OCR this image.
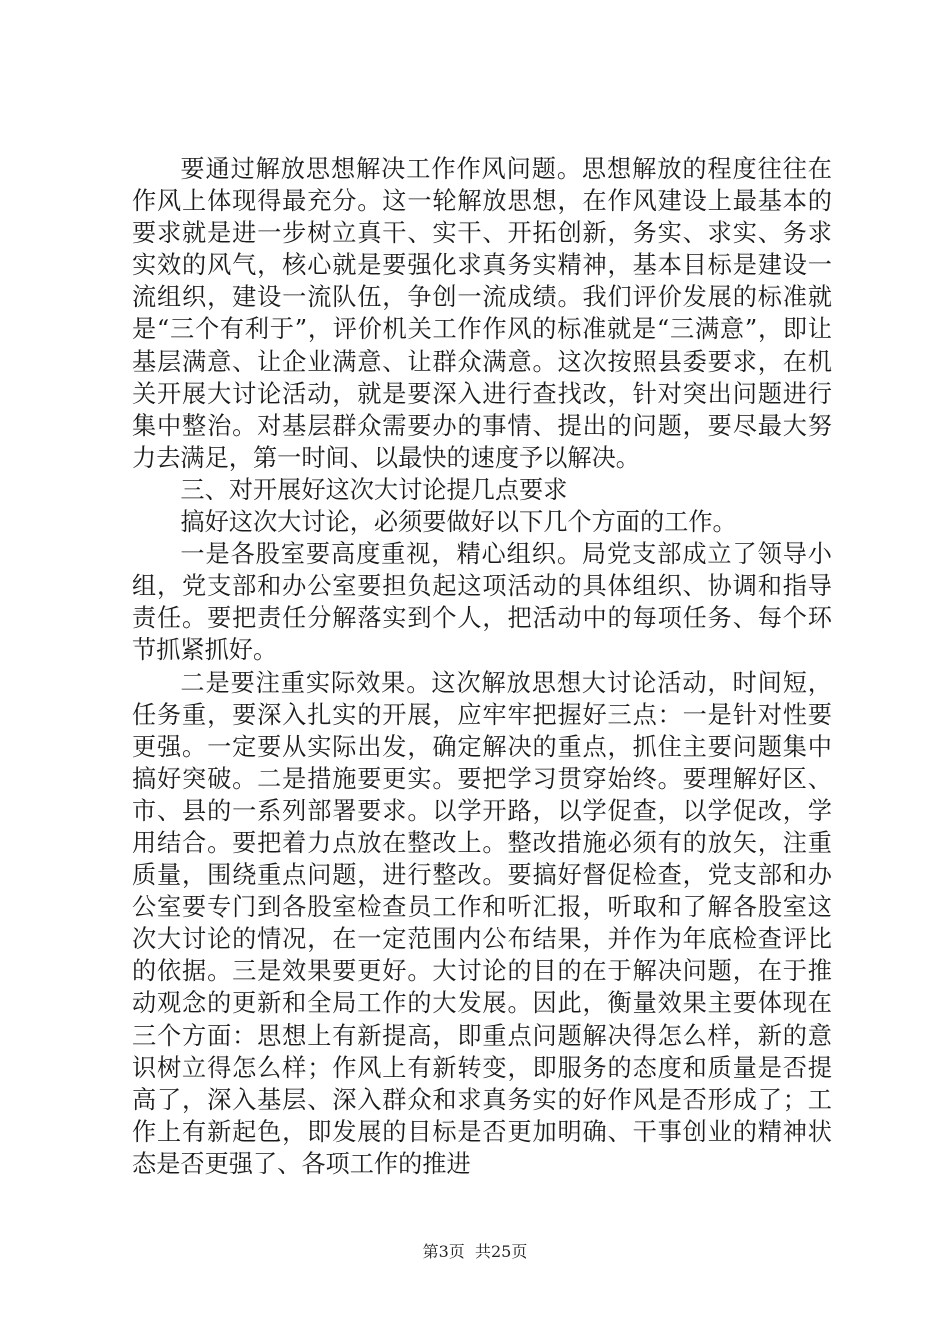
要通过解放思想解决工作作风问题。思想解放的程度往往在作风上体现得最充分。这一轮解放思想，在作风建设上最基本的要求就是进一步树立真干、实干、开拓创新，务实、求实、务求实效的风气，核心就是要强化求真务实精神，基本目标是建设一流组织，建设一流队伍，争创一流成绩。我们评价发展的标准就是“三个有利于”，评价机关工作作风的标准就是“三满意”，即让基层满意、让企业满意、让群众满意。这次按照县委要求，在机关开展大讨论活动，就是要深入进行查找改，针对突出问题进行集中整治。对基层群众需要办的事情、提出的问题，要尽最大努力去满足，第一时间、以最快的速度予以解决。

三、对开展好这次大讨论提几点要求

搞好这次大讨论，必须要做好以下几个方面的工作。

一是各股室要高度重视，精心组织。局党支部成立了领导小组，党支部和办公室要担负起这项活动的具体组织、协调和指导责任。要把责任分解落实到个人，把活动中的每项任务、每个环节抓紧抓好。

二是要注重实际效果。这次解放思想大讨论活动，时间短，任务重，要深入扎实的开展，应牢牢把握好三点：一是针对性要更强。一定要从实际出发，确定解决的重点，抓住主要问题集中搞好突破。二是措施要更实。要把学习贯穿始终。要理解好区、市、县的一系列部署要求。以学开路，以学促查，以学促改，学用结合。要把着力点放在整改上。整改措施必须有的放矢，注重质量，围绕重点问题，进行整改。要搞好督促检查，党支部和办公室要专门到各股室检查员工作和听汇报，听取和了解各股室这次大讨论的情况，在一定范围内公布结果，并作为年底检查评比的依据。三是效果要更好。大讨论的目的在于解决问题，在于推动观念的更新和全局工作的大发展。因此，衡量效果主要体现在三个方面：思想上有新提高，即重点问题解决得怎么样，新的意识树立得怎么样；作风上有新转变，即服务的态度和质量是否提高了，深入基层、深入群众和求真务实的好作风是否形成了；工作上有新起色，即发展的目标是否更加明确、干事创业的精神状态是否更强了、各项工作的推进

第3页 共25页
